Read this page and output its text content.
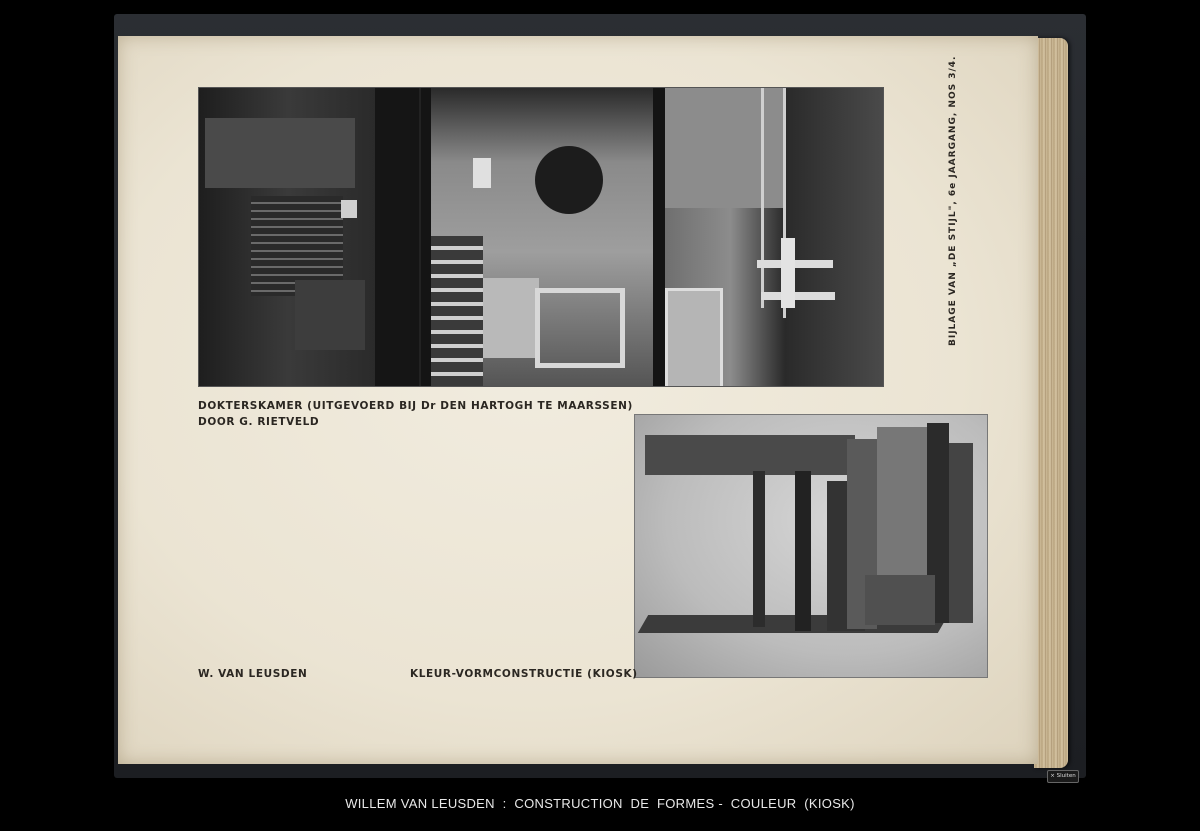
DOKTERSKAMER (UITGEVOERD BIJ Dr DEN HARTOGH TE MAARSSEN)
DOOR G. RIETVELD
W. VAN LEUSDEN	KLEUR-VORMCONSTRUCTIE (KIOSK)
BIJLAGE VAN „DE STIJL", 6e JAARGANG, NOS 3/4.
× Sluiten
WILLEM VAN LEUSDEN  :  CONSTRUCTION  DE  FORMES -  COULEUR  (KIOSK)
